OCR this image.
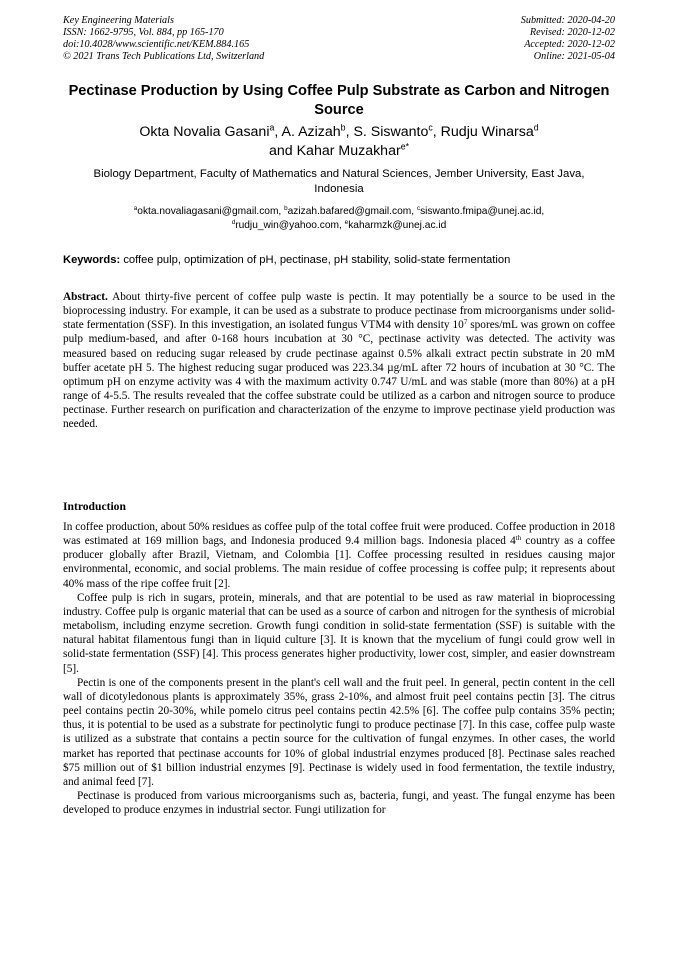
Key Engineering Materials
ISSN: 1662-9795, Vol. 884, pp 165-170
doi:10.4028/www.scientific.net/KEM.884.165
© 2021 Trans Tech Publications Ltd, Switzerland
Submitted: 2020-04-20
Revised: 2020-12-02
Accepted: 2020-12-02
Online: 2021-05-04
Pectinase Production by Using Coffee Pulp Substrate as Carbon and Nitrogen Source
Okta Novalia Gasani$^a$, A. Azizah$^b$, S. Siswanto$^c$, Rudju Winarsa$^d$
and Kahar Muzakhar$^{e*}$
Biology Department, Faculty of Mathematics and Natural Sciences, Jember University, East Java, Indonesia
$^a$okta.novaliagasani@gmail.com, $^b$azizah.bafared@gmail.com, $^c$siswanto.fmipa@unej.ac.id,
$^d$rudju_win@yahoo.com, $^e$kaharmzk@unej.ac.id
Keywords: coffee pulp, optimization of pH, pectinase, pH stability, solid-state fermentation
Abstract. About thirty-five percent of coffee pulp waste is pectin. It may potentially be a source to be used in the bioprocessing industry. For example, it can be used as a substrate to produce pectinase from microorganisms under solid-state fermentation (SSF). In this investigation, an isolated fungus VTM4 with density $10^7$ spores/mL was grown on coffee pulp medium-based, and after 0-168 hours incubation at 30 °C, pectinase activity was detected. The activity was measured based on reducing sugar released by crude pectinase against 0.5% alkali extract pectin substrate in 20 mM buffer acetate pH 5. The highest reducing sugar produced was 223.34 µg/mL after 72 hours of incubation at 30 °C. The optimum pH on enzyme activity was 4 with the maximum activity 0.747 U/mL and was stable (more than 80%) at a pH range of 4-5.5. The results revealed that the coffee substrate could be utilized as a carbon and nitrogen source to produce pectinase. Further research on purification and characterization of the enzyme to improve pectinase yield production was needed.
Introduction

In coffee production, about 50% residues as coffee pulp of the total coffee fruit were produced. Coffee production in 2018 was estimated at 169 million bags, and Indonesia produced 9.4 million bags. Indonesia placed 4th country as a coffee producer globally after Brazil, Vietnam, and Colombia [1]. Coffee processing resulted in residues causing major environmental, economic, and social problems. The main residue of coffee processing is coffee pulp; it represents about 40% mass of the ripe coffee fruit [2].

Coffee pulp is rich in sugars, protein, minerals, and that are potential to be used as raw material in bioprocessing industry. Coffee pulp is organic material that can be used as a source of carbon and nitrogen for the synthesis of microbial metabolism, including enzyme secretion. Growth fungi condition in solid-state fermentation (SSF) is suitable with the natural habitat filamentous fungi than in liquid culture [3]. It is known that the mycelium of fungi could grow well in solid-state fermentation (SSF) [4]. This process generates higher productivity, lower cost, simpler, and easier downstream [5].

Pectin is one of the components present in the plant's cell wall and the fruit peel. In general, pectin content in the cell wall of dicotyledonous plants is approximately 35%, grass 2-10%, and almost fruit peel contains pectin [3]. The citrus peel contains pectin 20-30%, while pomelo citrus peel contains pectin 42.5% [6]. The coffee pulp contains 35% pectin; thus, it is potential to be used as a substrate for pectinolytic fungi to produce pectinase [7]. In this case, coffee pulp waste is utilized as a substrate that contains a pectin source for the cultivation of fungal enzymes. In other cases, the world market has reported that pectinase accounts for 10% of global industrial enzymes produced [8]. Pectinase sales reached $75 million out of $1 billion industrial enzymes [9]. Pectinase is widely used in food fermentation, the textile industry, and animal feed [7].

Pectinase is produced from various microorganisms such as, bacteria, fungi, and yeast. The fungal enzyme has been developed to produce enzymes in industrial sector. Fungi utilization for
